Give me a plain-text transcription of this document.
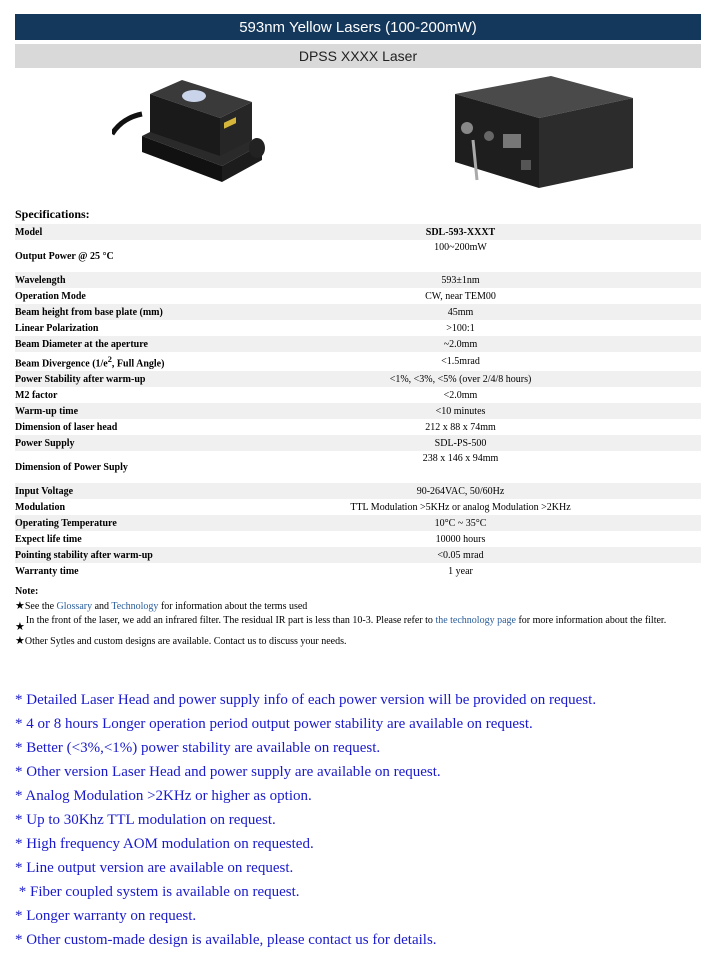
593nm Yellow Lasers (100-200mW)
DPSS XXXX Laser
Specifications:
Model	SDL-593-XXXT
Output Power @ 25 °C	100~200mW
Wavelength	593±1nm
Operation Mode	CW, near TEM00
Beam height from base plate (mm)	45mm
Linear Polarization	>100:1
Beam Diameter at the aperture	~2.0mm
Beam Divergence ($1/e^2$, Full Angle)	<1.5mrad
Power Stability after warm-up	<1%, <3%, <5% (over 2/4/8 hours)
M2 factor	<2.0mm
Warm-up time	<10 minutes
Dimension of laser head	212 x 88 x 74mm
Power Supply	SDL-PS-500
Dimension of Power Suply	238 x 146 x 94mm
Input Voltage	90-264VAC, 50/60Hz
Modulation	TTL Modulation >5KHz or analog Modulation >2KHz
Operating Temperature	10°C ~ 35°C
Expect life time	10000 hours
Pointing stability after warm-up	<0.05 mrad
Warranty time	1 year
Note:
★See the Glossary and Technology for information about the terms used
★
In the front of the laser, we add an infrared filter. The residual IR part is less than 10-3. Please refer to the technology page for more information about the filter.
★Other Sytles and custom designs are available. Contact us to discuss your needs.
* Detailed Laser Head and power supply info of each power version will be provided on request.
* 4 or 8 hours Longer operation period output power stability are available on request.
* Better (<3%,<1%) power stability are available on request.
* Other version Laser Head and power supply are available on request.
* Analog Modulation >2KHz or higher as option.
* Up to 30Khz TTL modulation on request.
* High frequency AOM modulation on requested.
* Line output version are available on request.
* Fiber coupled system is available on request.
* Longer warranty on request.
* Other custom-made design is available, please contact us for details.
